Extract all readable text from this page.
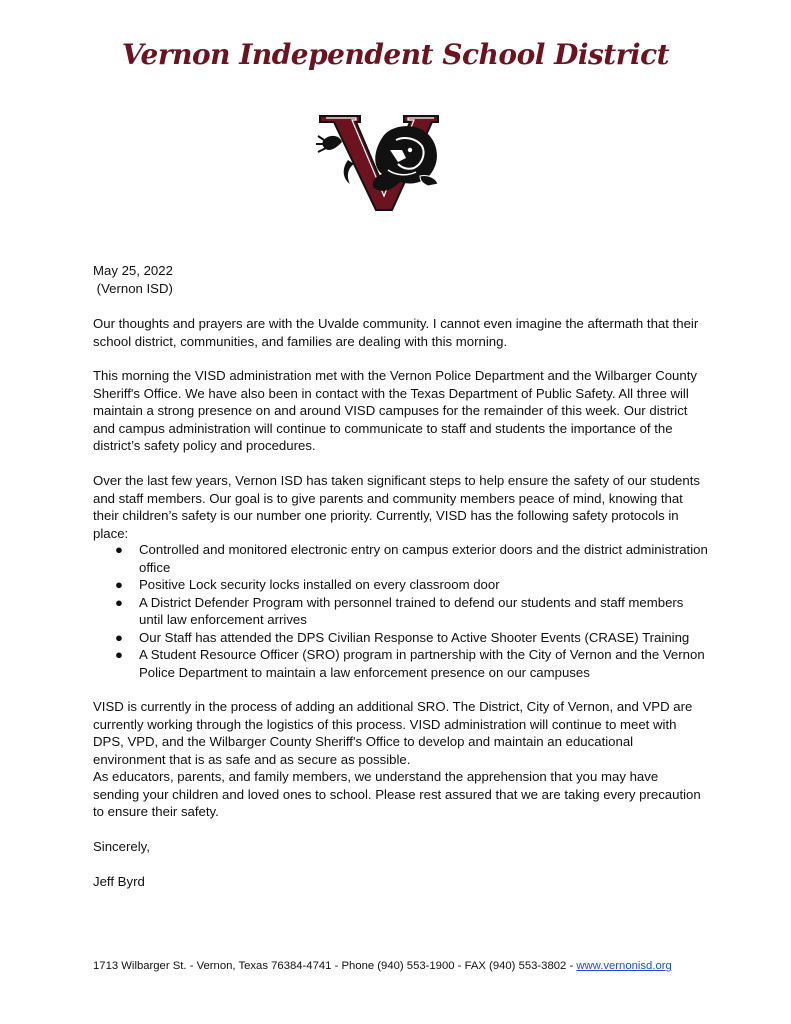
Vernon Independent School District

May 25, 2022

(Vernon ISD)

Our thoughts and prayers are with the Uvalde community. I cannot even imagine the aftermath that their school district, communities, and families are dealing with this morning.

This morning the VISD administration met with the Vernon Police Department and the Wilbarger County Sheriff's Office. We have also been in contact with the Texas Department of Public Safety. All three will maintain a strong presence on and around VISD campuses for the remainder of this week. Our district and campus administration will continue to communicate to staff and students the importance of the district’s safety policy and procedures.

Over the last few years, Vernon ISD has taken significant steps to help ensure the safety of our students and staff members. Our goal is to give parents and community members peace of mind, knowing that their children’s safety is our number one priority. Currently, VISD has the following safety protocols in place:

● Controlled and monitored electronic entry on campus exterior doors and the district administration office
● Positive Lock security locks installed on every classroom door
● A District Defender Program with personnel trained to defend our students and staff members until law enforcement arrives
● Our Staff has attended the DPS Civilian Response to Active Shooter Events (CRASE) Training
● A Student Resource Officer (SRO) program in partnership with the City of Vernon and the Vernon Police Department to maintain a law enforcement presence on our campuses

VISD is currently in the process of adding an additional SRO. The District, City of Vernon, and VPD are currently working through the logistics of this process. VISD administration will continue to meet with DPS, VPD, and the Wilbarger County Sheriff's Office to develop and maintain an educational environment that is as safe and as secure as possible.

As educators, parents, and family members, we understand the apprehension that you may have sending your children and loved ones to school. Please rest assured that we are taking every precaution to ensure their safety.

Sincerely,

Jeff Byrd

1713 Wilbarger St. - Vernon, Texas 76384-4741 - Phone (940) 553-1900 - FAX (940) 553-3802 - www.vernonisd.org
